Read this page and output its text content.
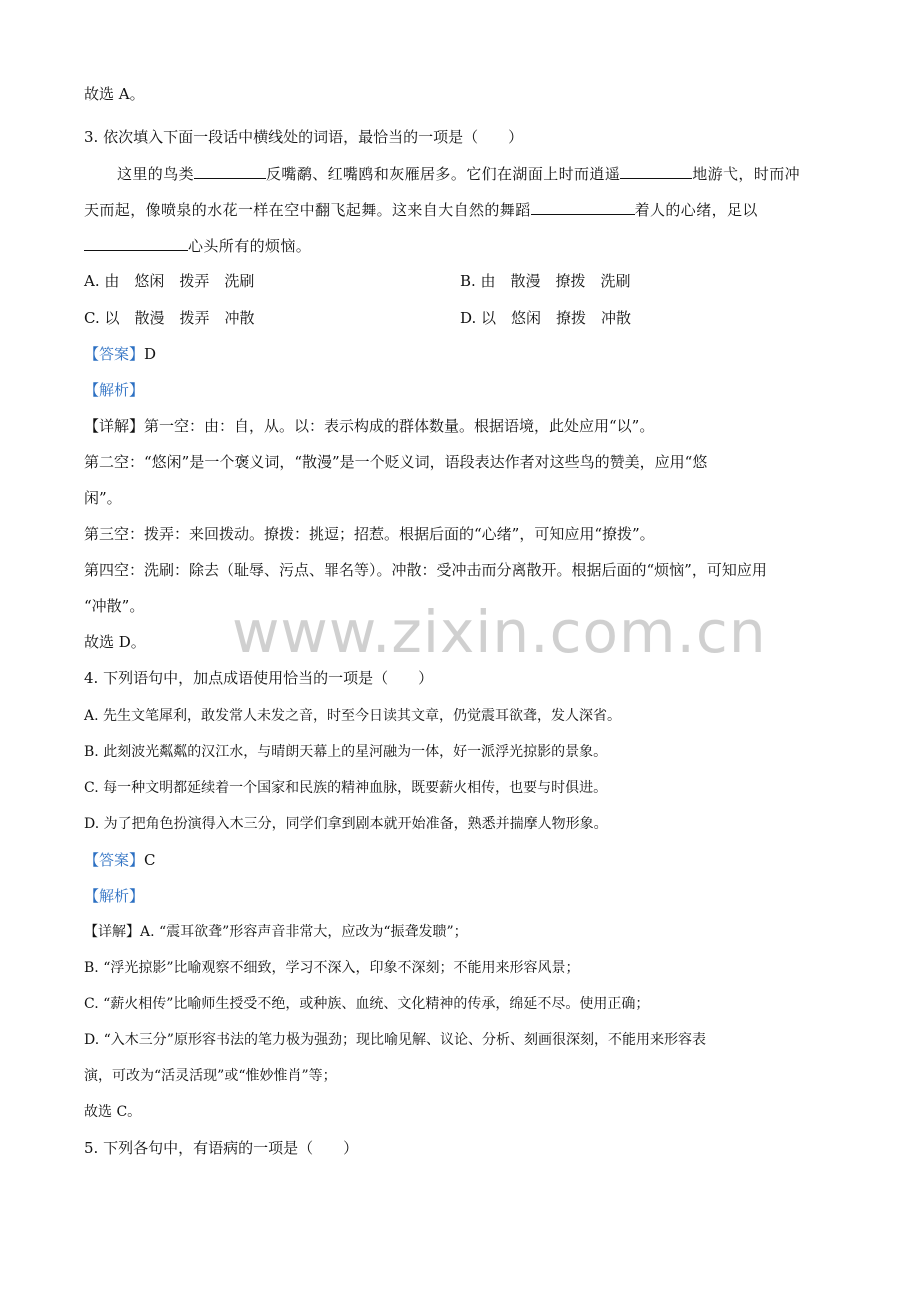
www.zixin.com.cn
故选 A。
3. 依次填入下面一段话中横线处的词语，最恰当的一项是（　　）
这里的鸟类	反嘴鹬、红嘴鸥和灰雁居多。它们在湖面上时而逍遥	地游弋，时而冲
天而起，像喷泉的水花一样在空中翻飞起舞。这来自大自然的舞蹈	着人的心绪，足以
心头所有的烦恼。
A. 由　悠闲　拨弄　洗刷	B. 由　散漫　撩拨　洗刷
C. 以　散漫　拨弄　冲散	D. 以　悠闲　撩拨　冲散
【答案】D
【解析】
【详解】第一空：由：自，从。以：表示构成的群体数量。根据语境，此处应用“以”。
第二空：“悠闲”是一个褒义词，“散漫”是一个贬义词，语段表达作者对这些鸟的赞美，应用“悠
闲”。
第三空：拨弄：来回拨动。撩拨：挑逗；招惹。根据后面的“心绪”，可知应用“撩拨”。
第四空：洗刷：除去（耻辱、污点、罪名等）。冲散：受冲击而分离散开。根据后面的“烦恼”，可知应用
“冲散”。
故选 D。
4. 下列语句中，加点成语使用恰当的一项是（　　）
A. 先生文笔犀利，敢发常人未发之音，时至今日读其文章，仍觉震耳欲聋，发人深省。
B. 此刻波光粼粼的汉江水，与晴朗天幕上的星河融为一体，好一派浮光掠影的景象。
C. 每一种文明都延续着一个国家和民族的精神血脉，既要薪火相传，也要与时俱进。
D. 为了把角色扮演得入木三分，同学们拿到剧本就开始准备，熟悉并揣摩人物形象。
【答案】C
【解析】
【详解】A. “震耳欲聋”形容声音非常大，应改为“振聋发聩”；
B. “浮光掠影”比喻观察不细致，学习不深入，印象不深刻；不能用来形容风景；
C. “薪火相传”比喻师生授受不绝，或种族、血统、文化精神的传承，绵延不尽。使用正确；
D. “入木三分”原形容书法的笔力极为强劲；现比喻见解、议论、分析、刻画很深刻，不能用来形容表
演，可改为“活灵活现”或“惟妙惟肖”等；
故选 C。
5. 下列各句中，有语病的一项是（　　）
